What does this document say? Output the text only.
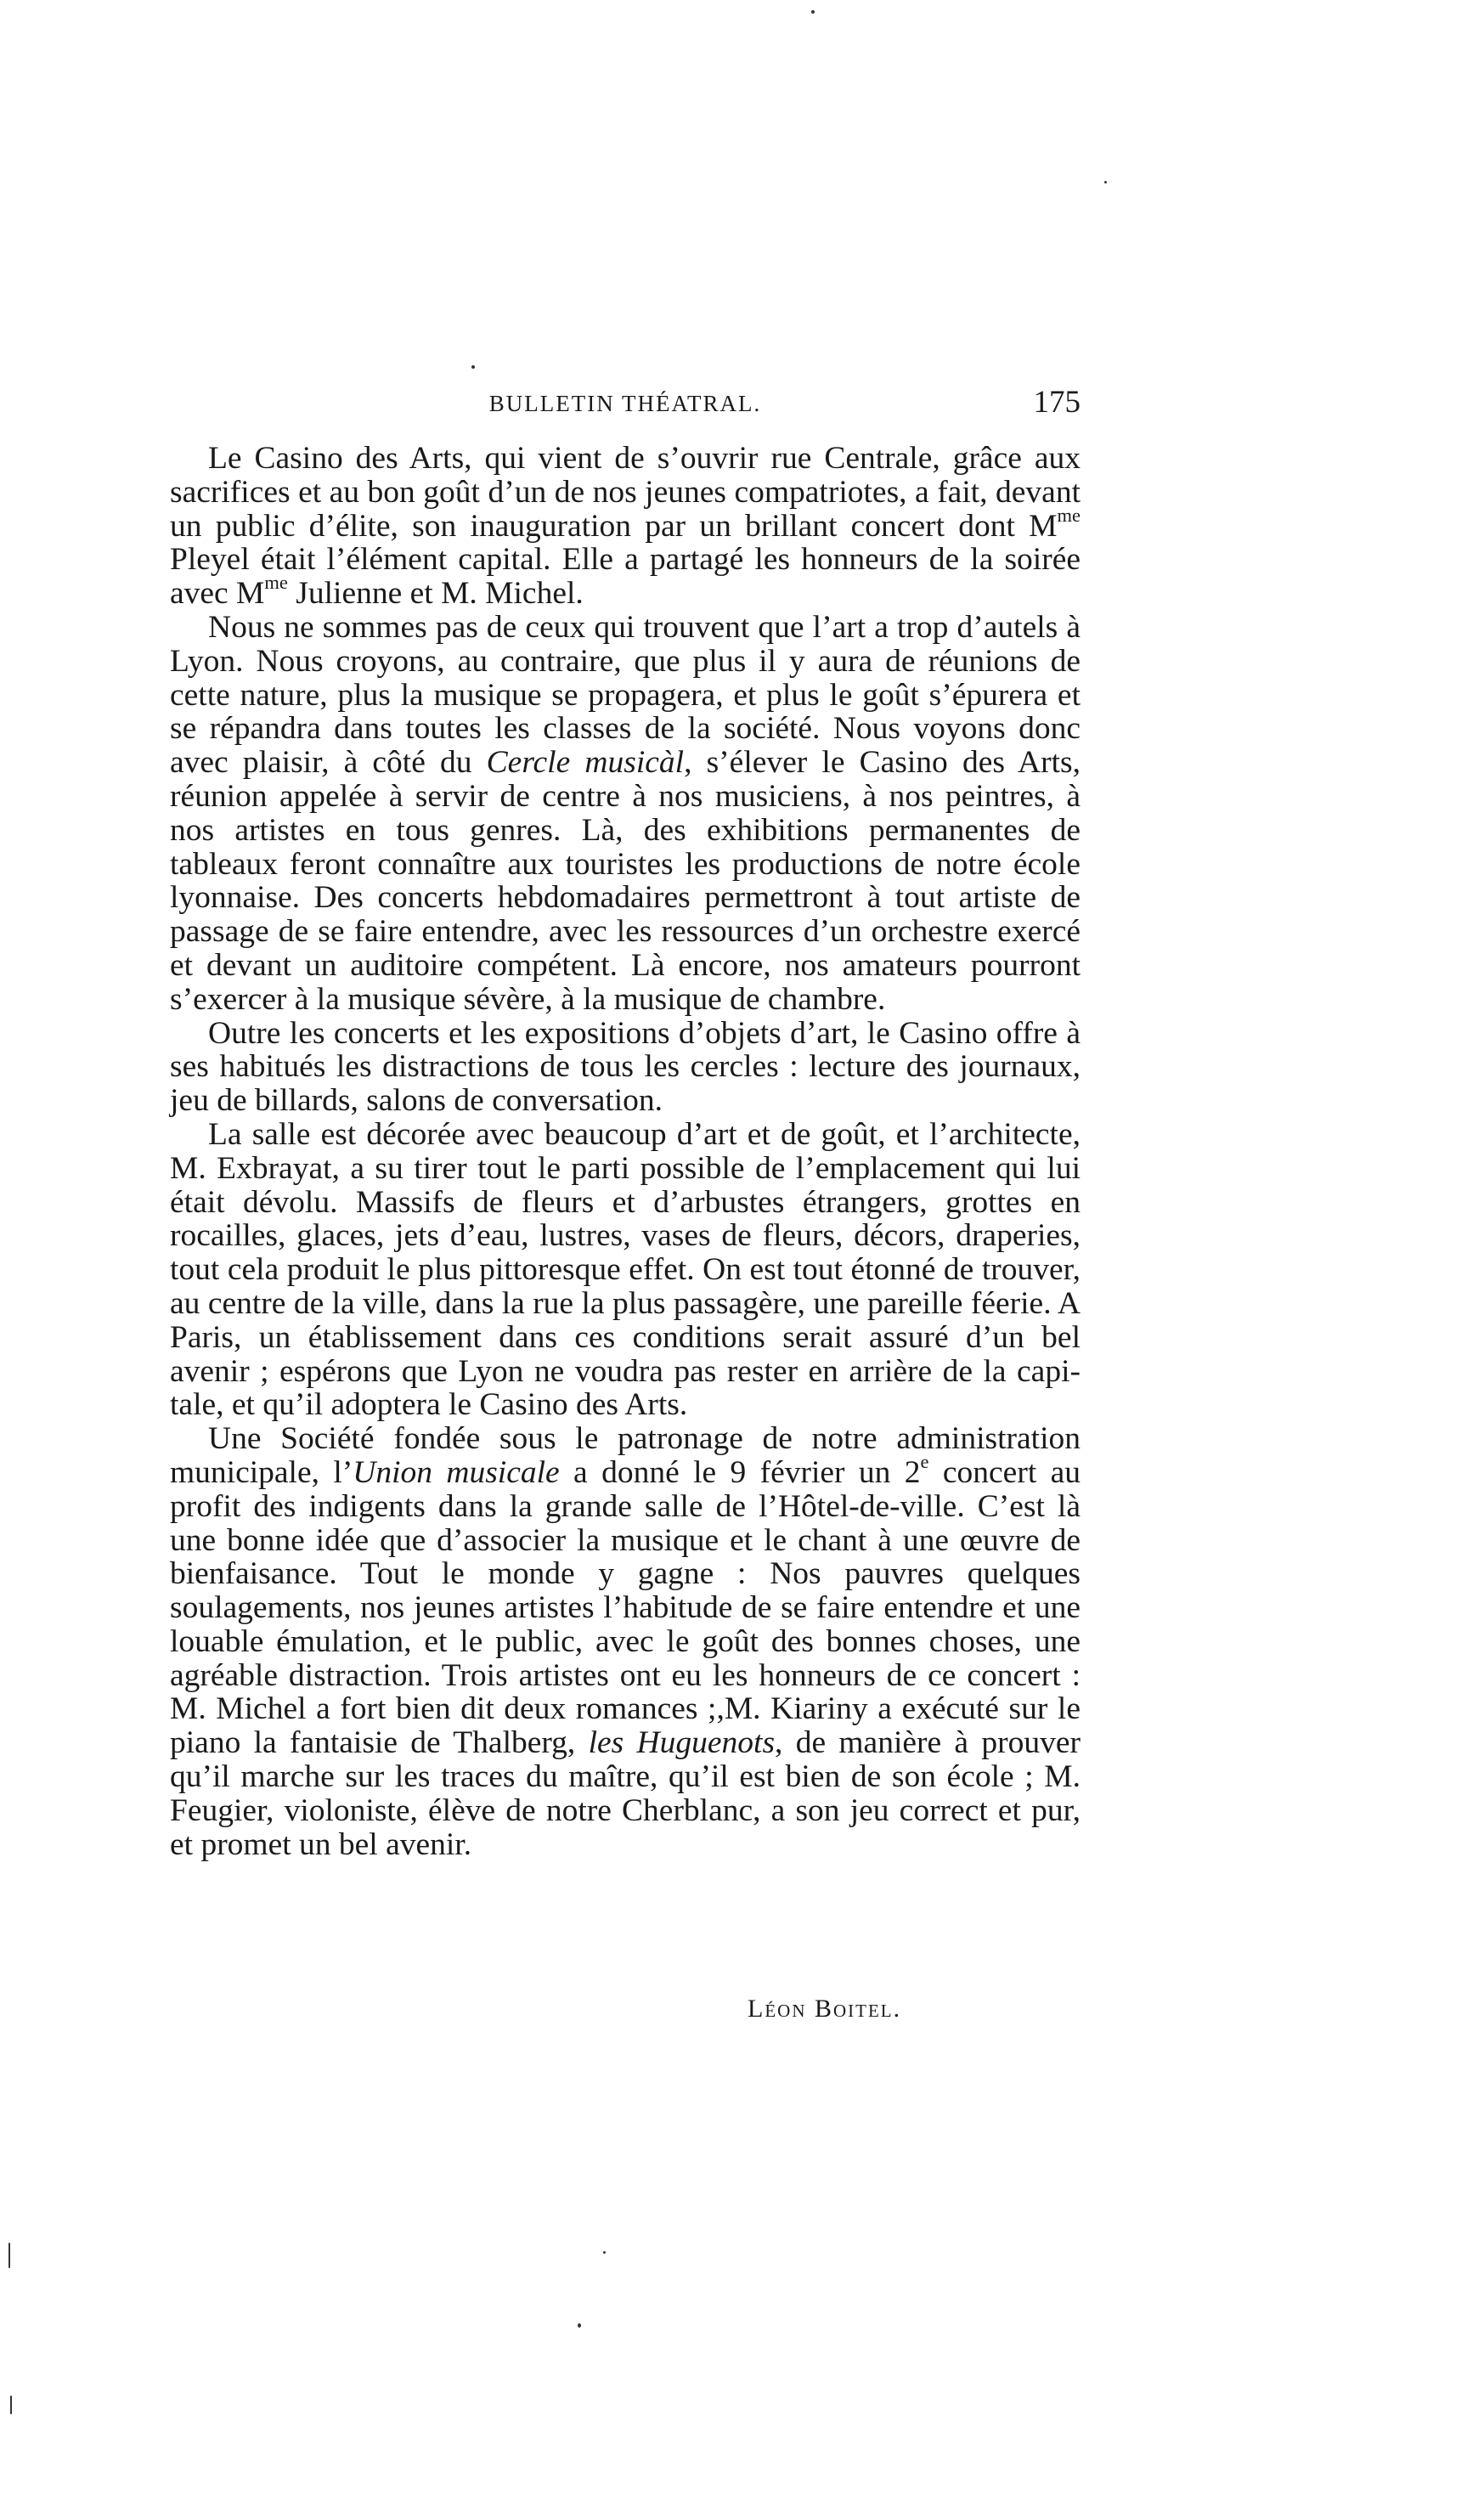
BULLETIN THÉATRAL.	175

Le Casino des Arts, qui vient de s’ouvrir rue Centrale, grâce aux sacrifices et au bon goût d’un de nos jeunes compatriotes, a fait, devant un public d’élite, son inauguration par un brillant concert dont $M^{me}$ Pleyel était l’élément capital. Elle a partagé les honneurs de la soirée avec $M^{me}$ Julienne et M. Michel.

Nous ne sommes pas de ceux qui trouvent que l’art a trop d’autels à Lyon. Nous croyons, au contraire, que plus il y aura de réunions de cette nature, plus la musique se propagera, et plus le goût s’épurera et se répandra dans toutes les classes de la société. Nous voyons donc avec plaisir, à côté du Cercle musicàl, s’élever le Casino des Arts, réunion appelée à servir de centre à nos musiciens, à nos peintres, à nos artistes en tous genres. Là, des exhibitions permanentes de tableaux feront connaître aux touristes les productions de notre école lyonnaise. Des concerts hebdomadaires permettront à tout artiste de passage de se faire entendre, avec les ressources d’un orchestre exercé et devant un auditoire compétent. Là encore, nos amateurs pourront s’exercer à la musique sévère, à la musique de chambre.

Outre les concerts et les expositions d’objets d’art, le Casino offre à ses habitués les distractions de tous les cercles : lecture des journaux, jeu de billards, salons de conversation.

La salle est décorée avec beaucoup d’art et de goût, et l’architecte, M. Exbrayat, a su tirer tout le parti possible de l’emplacement qui lui était dévolu. Massifs de fleurs et d’arbustes étrangers, grottes en rocailles, glaces, jets d’eau, lustres, vases de fleurs, décors, draperies, tout cela produit le plus pittoresque effet. On est tout étonné de trouver, au centre de la ville, dans la rue la plus passagère, une pareille féerie. A Paris, un établissement dans ces conditions serait assuré d’un bel avenir ; espérons que Lyon ne voudra pas rester en arrière de la capitale, et qu’il adoptera le Casino des Arts.

Une Société fondée sous le patronage de notre administration municipale, l’Union musicale a donné le 9 février un 2e concert au profit des indigents dans la grande salle de l’Hôtel-de-ville. C’est là une bonne idée que d’associer la musique et le chant à une œuvre de bienfaisance. Tout le monde y gagne : Nos pauvres quelques soulagements, nos jeunes artistes l’habitude de se faire entendre et une louable émulation, et le public, avec le goût des bonnes choses, une agréable distraction. Trois artistes ont eu les honneurs de ce concert : M. Michel a fort bien dit deux romances ;,M. Kiariny a exécuté sur le piano la fantaisie de Thalberg, les Huguenots, de manière à prouver qu’il marche sur les traces du maître, qu’il est bien de son école ; M. Feugier, violoniste, élève de notre Cherblanc, a son jeu correct et pur, et promet un bel avenir.

Léon Boitel.
